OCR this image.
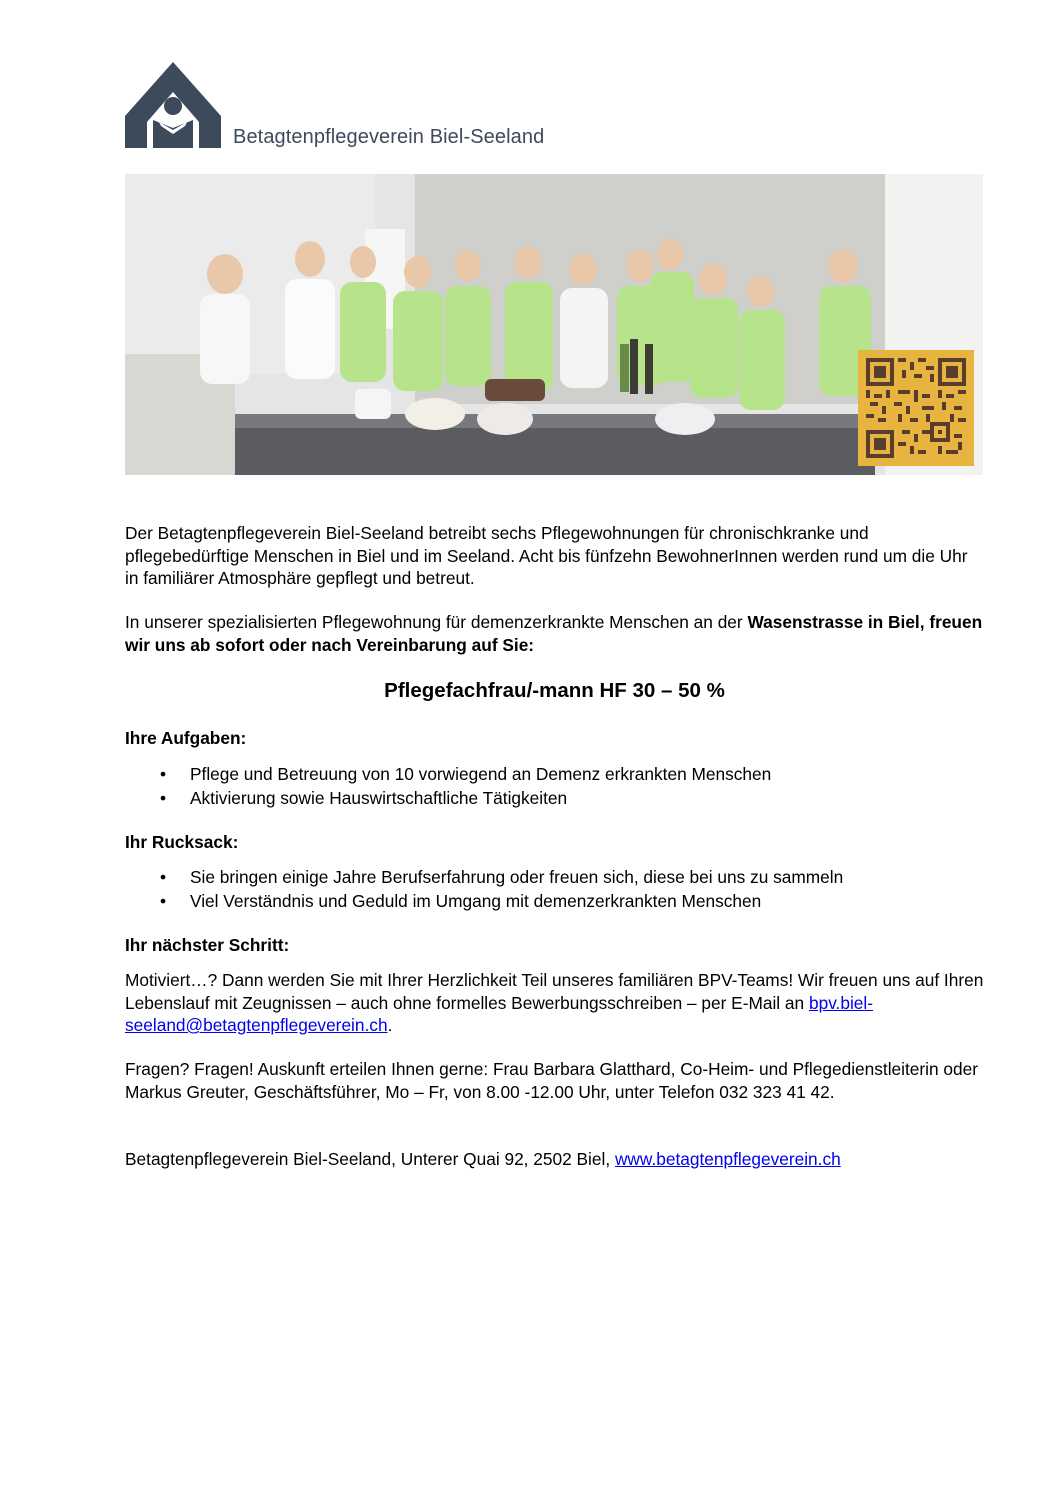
Betagtenpflegeverein Biel-Seeland
Der Betagtenpflegeverein Biel-Seeland betreibt sechs Pflegewohnungen für chronischkranke und pflegebedürftige Menschen in Biel und im Seeland. Acht bis fünfzehn BewohnerInnen werden rund um die Uhr in familiärer Atmosphäre gepflegt und betreut.
In unserer spezialisierten Pflegewohnung für demenzerkrankte Menschen an der Wasenstrasse in Biel, freuen wir uns ab sofort oder nach Vereinbarung auf Sie:
Pflegefachfrau/-mann HF 30 – 50 %
Ihre Aufgaben:
• Pflege und Betreuung von 10 vorwiegend an Demenz erkrankten Menschen
• Aktivierung sowie Hauswirtschaftliche Tätigkeiten
Ihr Rucksack:
• Sie bringen einige Jahre Berufserfahrung oder freuen sich, diese bei uns zu sammeln
• Viel Verständnis und Geduld im Umgang mit demenzerkrankten Menschen
Ihr nächster Schritt:
Motiviert…? Dann werden Sie mit Ihrer Herzlichkeit Teil unseres familiären BPV-Teams! Wir freuen uns auf Ihren Lebenslauf mit Zeugnissen – auch ohne formelles Bewerbungsschreiben – per E-Mail an bpv.biel-seeland@betagtenpflegeverein.ch.
Fragen? Fragen! Auskunft erteilen Ihnen gerne: Frau Barbara Glatthard, Co-Heim- und Pflegedienstleiterin oder Markus Greuter, Geschäftsführer, Mo – Fr, von 8.00 -12.00 Uhr, unter Telefon 032 323 41 42.
Betagtenpflegeverein Biel-Seeland, Unterer Quai 92, 2502 Biel, www.betagtenpflegeverein.ch
